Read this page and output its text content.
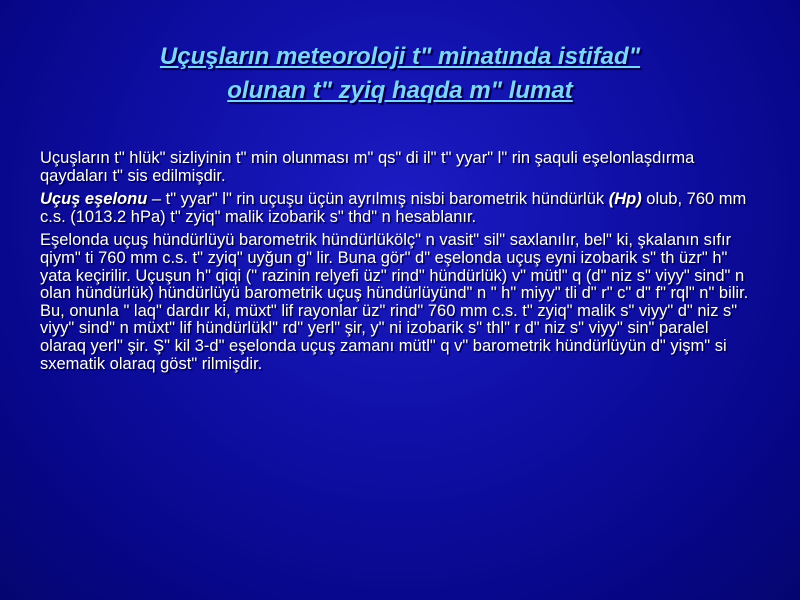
Uçuşların meteoroloji t" minatında istifad"
olunan t" zyiq haqda m" lumat

Uçuşların t" hlük" sizliyinin t" min olunması m" qs" di il" t" yyar" l" rin şaquli eşelonlaşdırma qaydaları t" sis edilmişdir.

Uçuş eşelonu – t" yyar" l" rin uçuşu üçün ayrılmış nisbi barometrik hündürlük (Hp) olub, 760 mm c.s. (1013.2 hPa) t" zyiq" malik izobarik s" thd" n hesablanır.

Eşelonda uçuş hündürlüyü barometrik hündürlükölç" n vasit" sil" saxlanılır, bel" ki, şkalanın sıfır qiym" ti 760 mm c.s. t" zyiq" uyğun g" lir. Buna gör" d" eşelonda uçuş eyni izobarik s" th üzr" h" yata keçirilir. Uçuşun h" qiqi (" razinin relyefi üz" rind" hündürlük) v" mütl" q (d" niz s" viyy" sind" n olan hündürlük) hündürlüyü barometrik uçuş hündürlüyünd" n " h" miyy" tli d" r" c" d" f" rql" n" bilir. Bu, onunla " laq" dardır ki, müxt" lif rayonlar üz" rind" 760 mm c.s. t" zyiq" malik s" viyy" d" niz s" viyy" sind" n müxt" lif hündürlükl" rd" yerl" şir, y" ni izobarik s" thl" r d" niz s" viyy" sin" paralel olaraq yerl" şir. Ş" kil 3-d" eşelonda uçuş zamanı mütl" q v" barometrik hündürlüyün d" yişm" si sxematik olaraq göst" rilmişdir.
